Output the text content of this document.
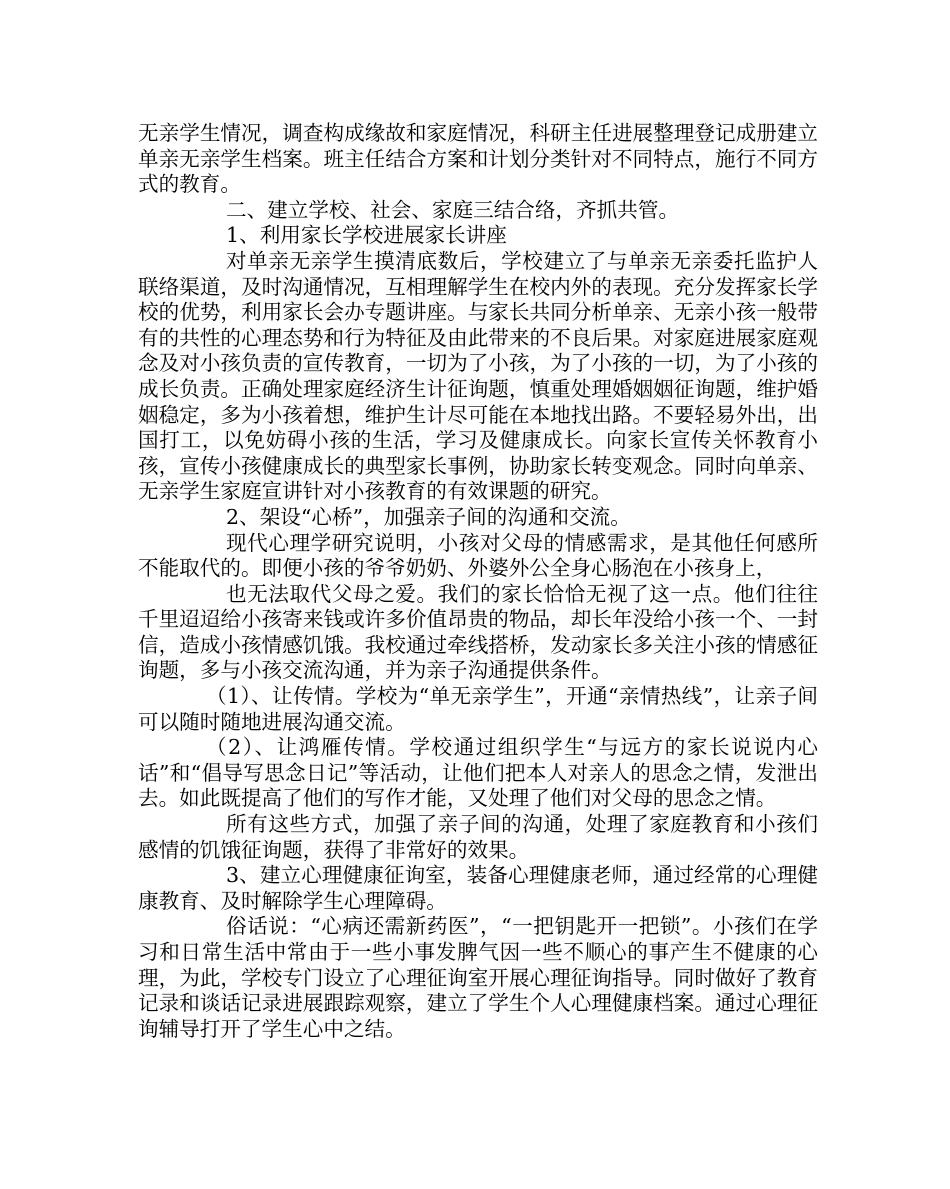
无亲学生情况，调查构成缘故和家庭情况，科研主任进展整理登记成册建立单亲无亲学生档案。班主任结合方案和计划分类针对不同特点，施行不同方式的教育。

二、建立学校、社会、家庭三结合络，齐抓共管。

1、利用家长学校进展家长讲座

对单亲无亲学生摸清底数后，学校建立了与单亲无亲委托监护人联络渠道，及时沟通情况，互相理解学生在校内外的表现。充分发挥家长学校的优势，利用家长会办专题讲座。与家长共同分析单亲、无亲小孩一般带有的共性的心理态势和行为特征及由此带来的不良后果。对家庭进展家庭观念及对小孩负责的宣传教育，一切为了小孩，为了小孩的一切，为了小孩的成长负责。正确处理家庭经济生计征询题，慎重处理婚姻姻征询题，维护婚姻稳定，多为小孩着想，维护生计尽可能在本地找出路。不要轻易外出，出国打工，以免妨碍小孩的生活，学习及健康成长。向家长宣传关怀教育小孩，宣传小孩健康成长的典型家长事例，协助家长转变观念。同时向单亲、无亲学生家庭宣讲针对小孩教育的有效课题的研究。

2、架设“心桥”，加强亲子间的沟通和交流。

现代心理学研究说明，小孩对父母的情感需求，是其他任何感所不能取代的。即便小孩的爷爷奶奶、外婆外公全身心肠泡在小孩身上，

也无法取代父母之爱。我们的家长恰恰无视了这一点。他们往往千里迢迢给小孩寄来钱或许多价值昂贵的物品，却长年没给小孩一个、一封信，造成小孩情感饥饿。我校通过牵线搭桥，发动家长多关注小孩的情感征询题，多与小孩交流沟通，并为亲子沟通提供条件。

（1）、让传情。学校为“单无亲学生”，开通“亲情热线”，让亲子间可以随时随地进展沟通交流。

（2）、让鸿雁传情。学校通过组织学生“与远方的家长说说内心话”和“倡导写思念日记”等活动，让他们把本人对亲人的思念之情，发泄出去。如此既提高了他们的写作才能，又处理了他们对父母的思念之情。

所有这些方式，加强了亲子间的沟通，处理了家庭教育和小孩们感情的饥饿征询题，获得了非常好的效果。

3、建立心理健康征询室，装备心理健康老师，通过经常的心理健康教育、及时解除学生心理障碍。

俗话说：“心病还需新药医”，“一把钥匙开一把锁”。小孩们在学习和日常生活中常由于一些小事发脾气因一些不顺心的事产生不健康的心理，为此，学校专门设立了心理征询室开展心理征询指导。同时做好了教育记录和谈话记录进展跟踪观察，建立了学生个人心理健康档案。通过心理征询辅导打开了学生心中之结。
